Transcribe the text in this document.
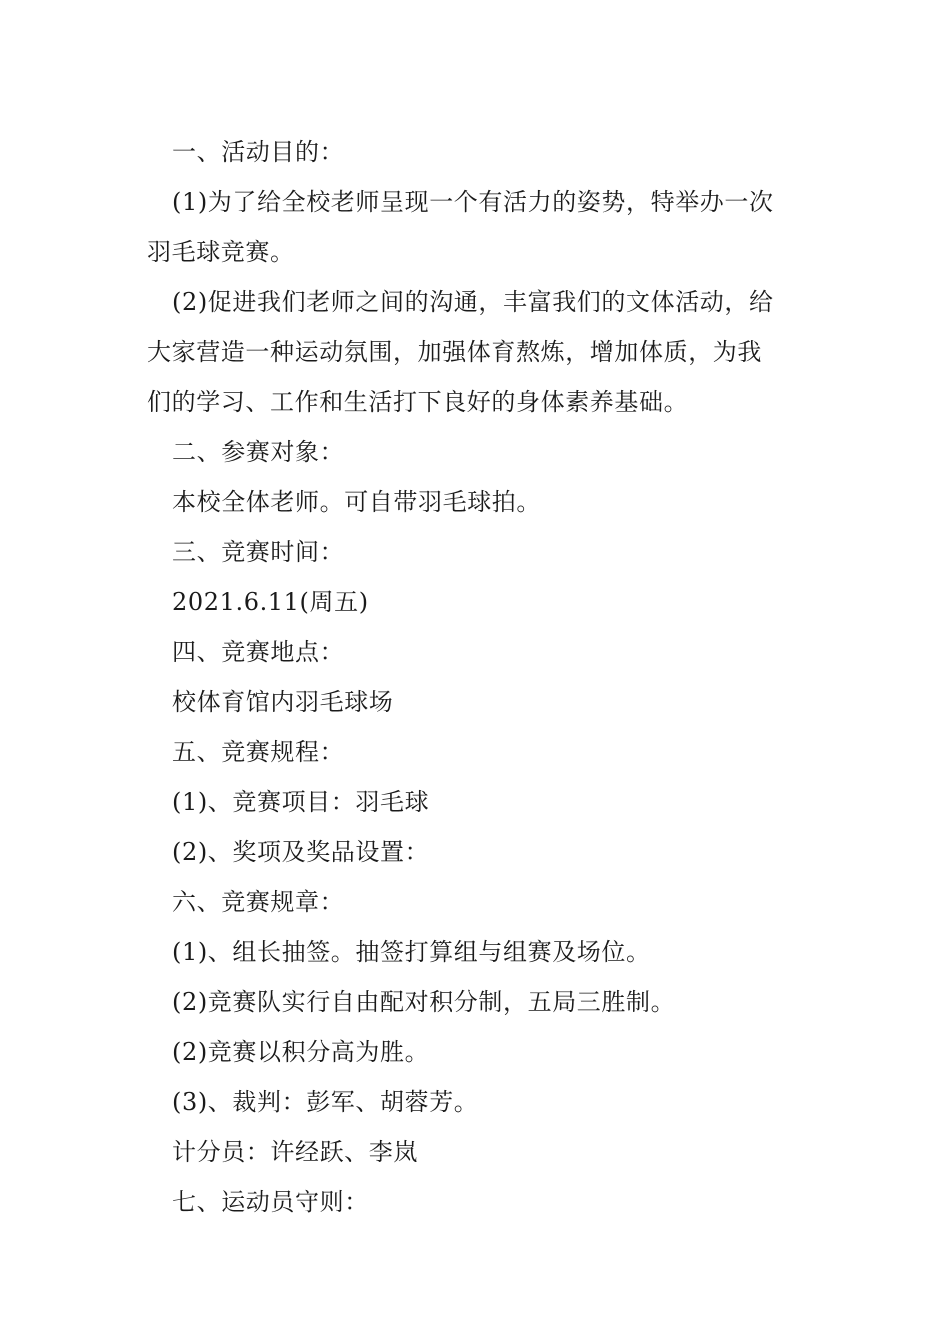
一、活动目的：
(1)为了给全校老师呈现一个有活力的姿势，特举办一次
羽毛球竞赛。
(2)促进我们老师之间的沟通，丰富我们的文体活动，给
大家营造一种运动氛围，加强体育熬炼，增加体质，为我
们的学习、工作和生活打下良好的身体素养基础。
二、参赛对象：
本校全体老师。可自带羽毛球拍。
三、竞赛时间：
2021.6.11(周五)
四、竞赛地点：
校体育馆内羽毛球场
五、竞赛规程：
(1)、竞赛项目：羽毛球
(2)、奖项及奖品设置：
六、竞赛规章：
(1)、组长抽签。抽签打算组与组赛及场位。
(2)竞赛队实行自由配对积分制，五局三胜制。
(2)竞赛以积分高为胜。
(3)、裁判：彭军、胡蓉芳。
计分员：许经跃、李岚
七、运动员守则：
